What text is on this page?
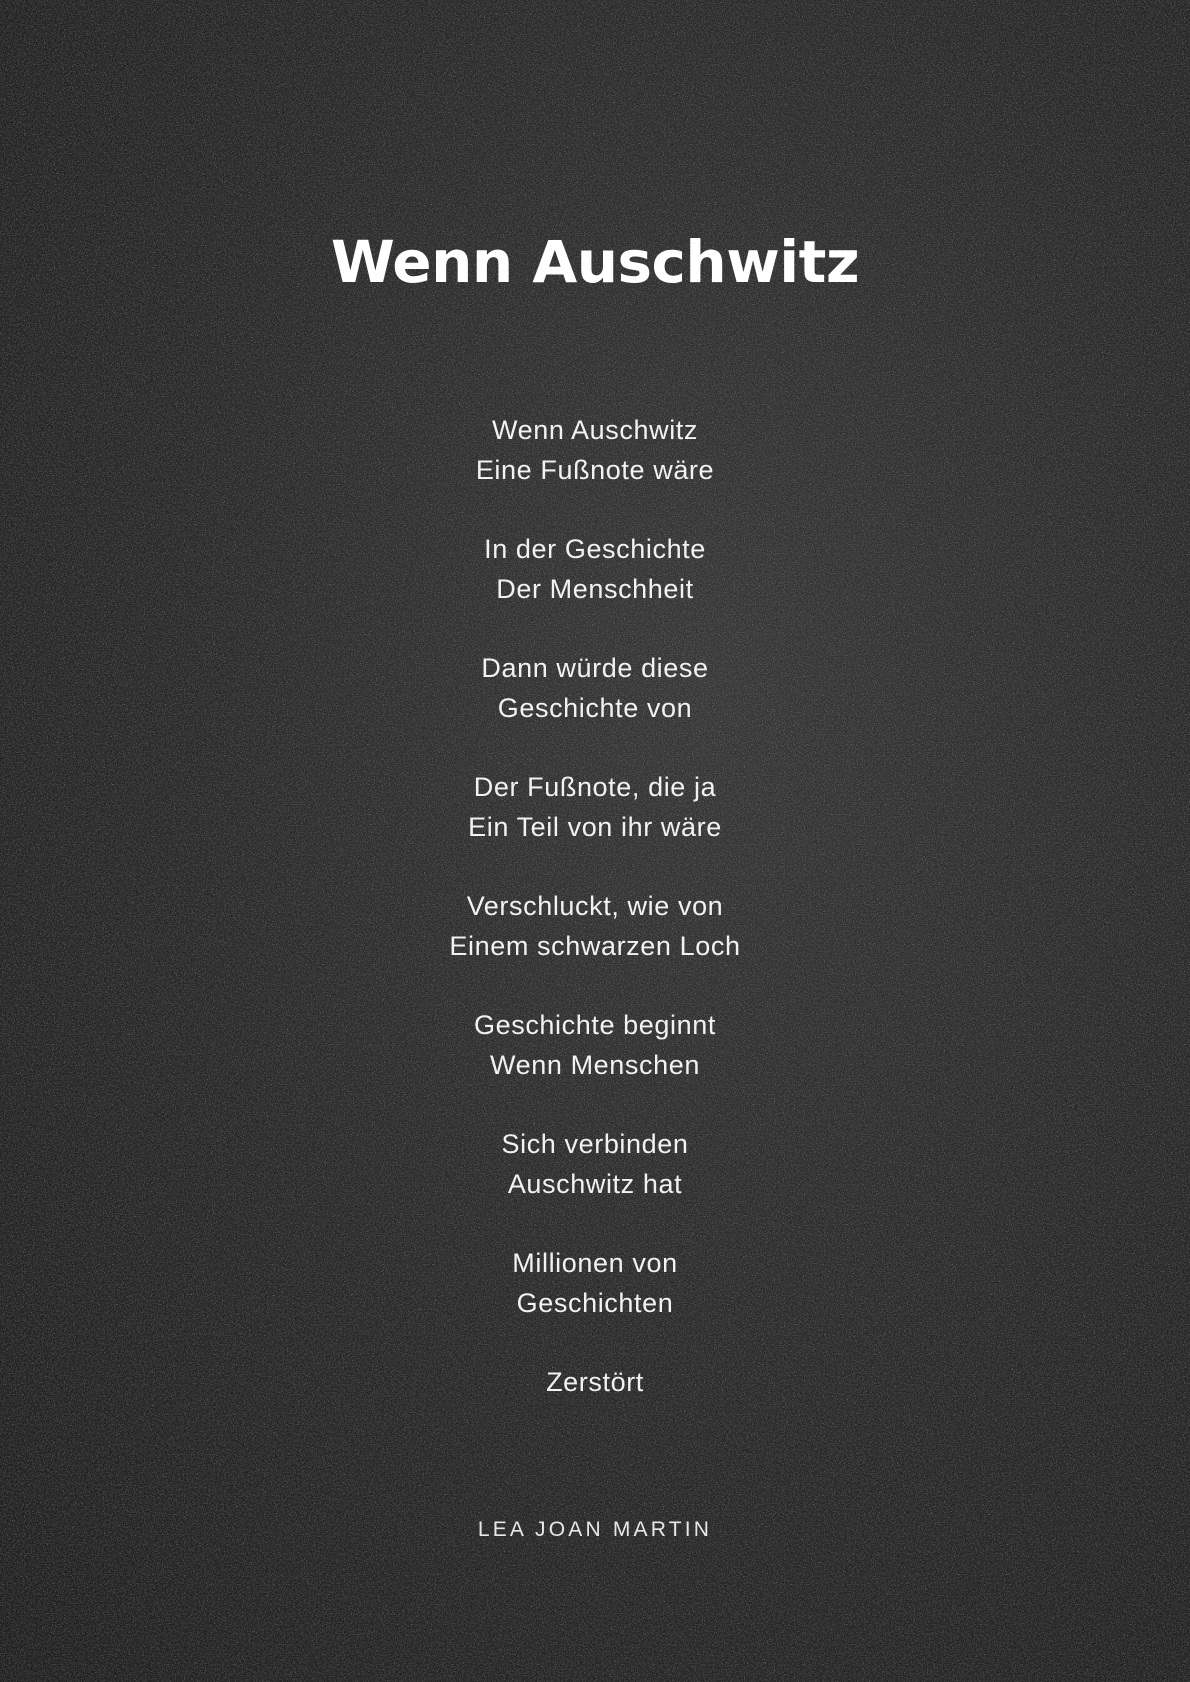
Wenn Auschwitz
Wenn Auschwitz
Eine Fußnote wäre
In der Geschichte
Der Menschheit
Dann würde diese
Geschichte von
Der Fußnote, die ja
Ein Teil von ihr wäre
Verschluckt, wie von
Einem schwarzen Loch
Geschichte beginnt
Wenn Menschen
Sich verbinden
Auschwitz hat
Millionen von
Geschichten
Zerstört
LEA JOAN MARTIN
